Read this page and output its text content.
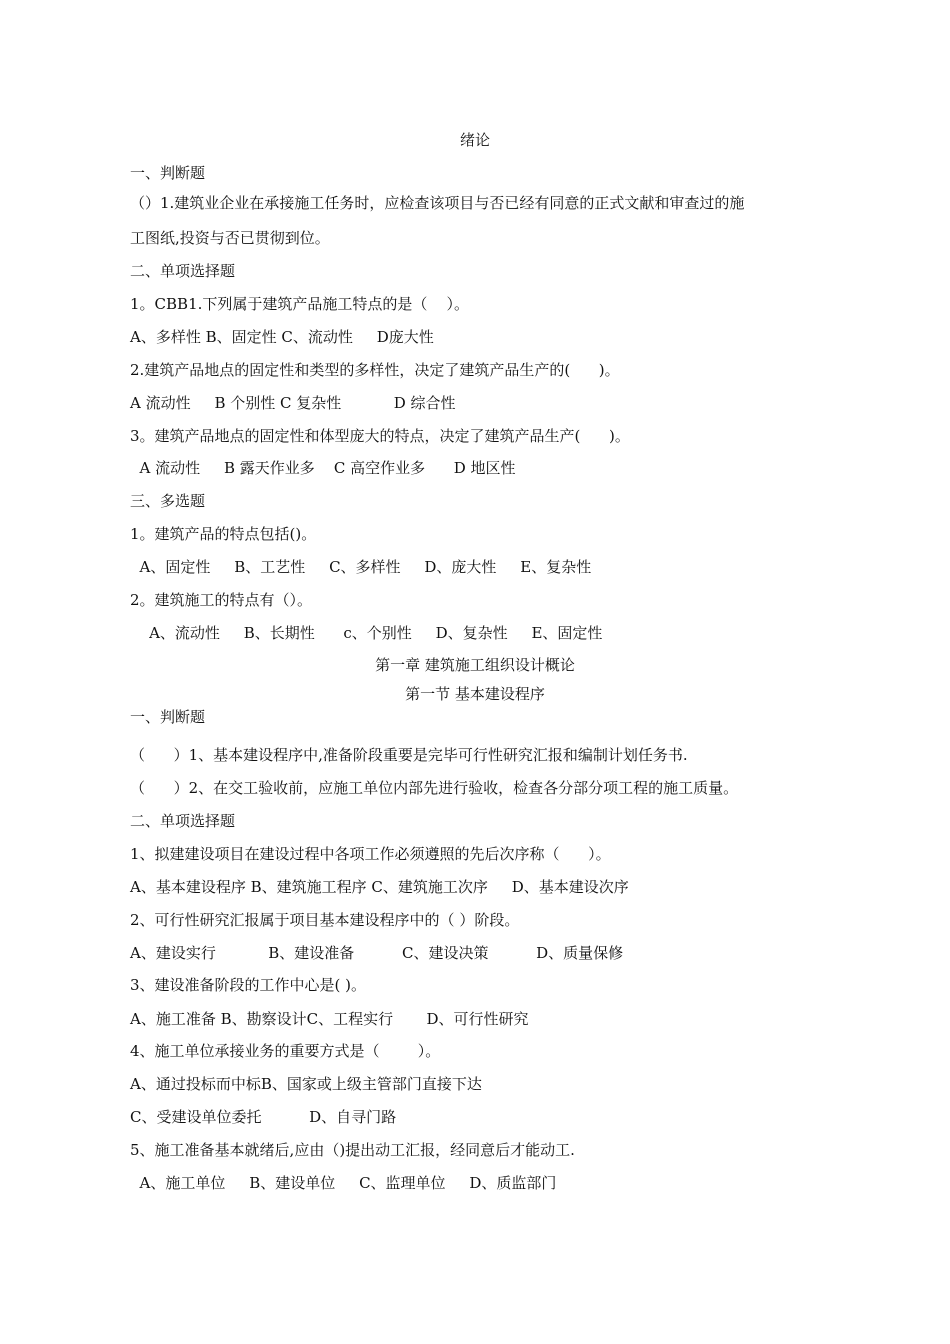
绪论
一、判断题
（）1.建筑业企业在承接施工任务时，应检查该项目与否已经有同意的正式文献和审查过的施
工图纸,投资与否已贯彻到位。
二、单项选择题
1。CBB1.下列属于建筑产品施工特点的是（    ）。
A、多样性 B、固定性 C、流动性     D庞大性
2.建筑产品地点的固定性和类型的多样性，决定了建筑产品生产的(      )。
A 流动性     B 个别性 C 复杂性           D 综合性
3。建筑产品地点的固定性和体型庞大的特点，决定了建筑产品生产(      )。
A 流动性     B 露天作业多    C 高空作业多      D 地区性
三、多选题
1。建筑产品的特点包括()。
A、固定性     B、工艺性     C、多样性     D、庞大性     E、复杂性
2。建筑施工的特点有（）。
A、流动性     B、长期性      c、个别性     D、复杂性     E、固定性
第一章 建筑施工组织设计概论
第一节 基本建设程序
一、判断题
（      ）1、基本建设程序中,准备阶段重要是完毕可行性研究汇报和编制计划任务书.
（      ）2、在交工验收前，应施工单位内部先进行验收，检查各分部分项工程的施工质量。
二、单项选择题
1、拟建建设项目在建设过程中各项工作必须遵照的先后次序称（      ）。
A、基本建设程序 B、建筑施工程序 C、建筑施工次序     D、基本建设次序
2、可行性研究汇报属于项目基本建设程序中的（ ）阶段。
A、建设实行           B、建设准备          C、建设决策          D、质量保修
3、建设准备阶段的工作中心是( )。
A、施工准备 B、勘察设计C、工程实行       D、可行性研究
4、施工单位承接业务的重要方式是（        ）。
A、通过投标而中标B、国家或上级主管部门直接下达
C、受建设单位委托          D、自寻门路
5、施工准备基本就绪后,应由（)提出动工汇报，经同意后才能动工.
A、施工单位     B、建设单位     C、监理单位     D、质监部门
